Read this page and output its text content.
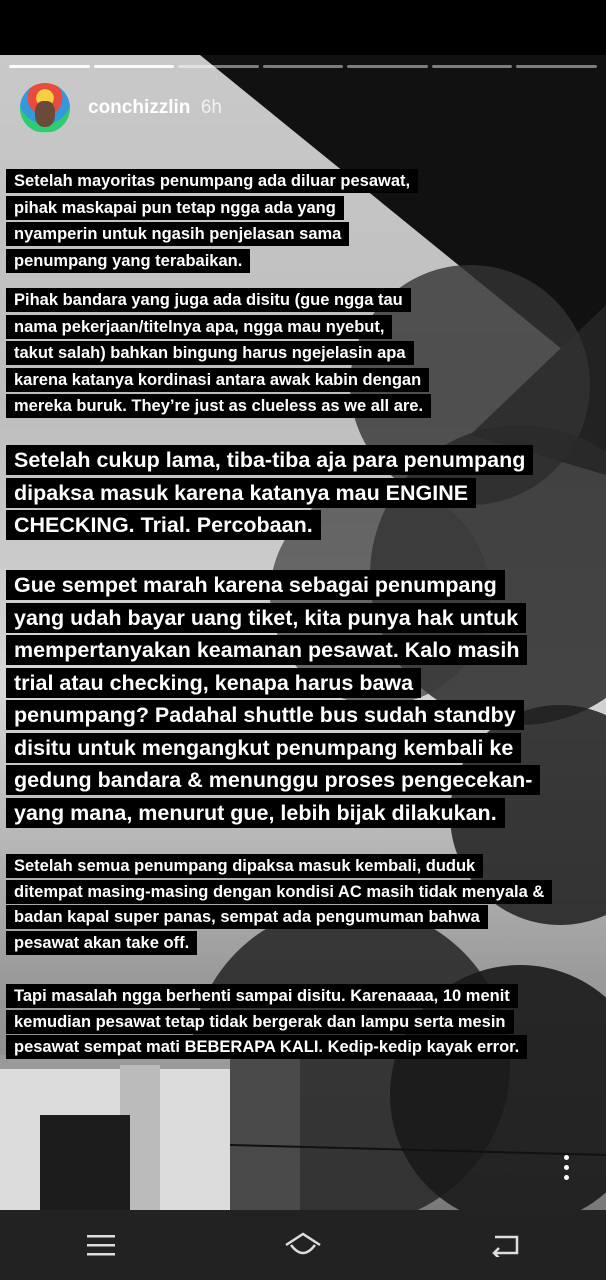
conchizzlin 6h
Setelah mayoritas penumpang ada diluar pesawat,
pihak maskapai pun tetap ngga ada yang
nyamperin untuk ngasih penjelasan sama
penumpang yang terabaikan.
Pihak bandara yang juga ada disitu (gue ngga tau
nama pekerjaan/titelnya apa, ngga mau nyebut,
takut salah) bahkan bingung harus ngejelasin apa
karena katanya kordinasi antara awak kabin dengan
mereka buruk. They’re just as clueless as we all are.
Setelah cukup lama, tiba-tiba aja para penumpang
dipaksa masuk karena katanya mau ENGINE
CHECKING. Trial. Percobaan.
Gue sempet marah karena sebagai penumpang
yang udah bayar uang tiket, kita punya hak untuk
mempertanyakan keamanan pesawat. Kalo masih
trial atau checking, kenapa harus bawa
penumpang? Padahal shuttle bus sudah standby
disitu untuk mengangkut penumpang kembali ke
gedung bandara & menunggu proses pengecekan-
yang mana, menurut gue, lebih bijak dilakukan.
Setelah semua penumpang dipaksa masuk kembali, duduk
ditempat masing-masing dengan kondisi AC masih tidak menyala &
badan kapal super panas, sempat ada pengumuman bahwa
pesawat akan take off.
Tapi masalah ngga berhenti sampai disitu. Karenaaaa, 10 menit
kemudian pesawat tetap tidak bergerak dan lampu serta mesin
pesawat sempat mati BEBERAPA KALI. Kedip-kedip kayak error.
